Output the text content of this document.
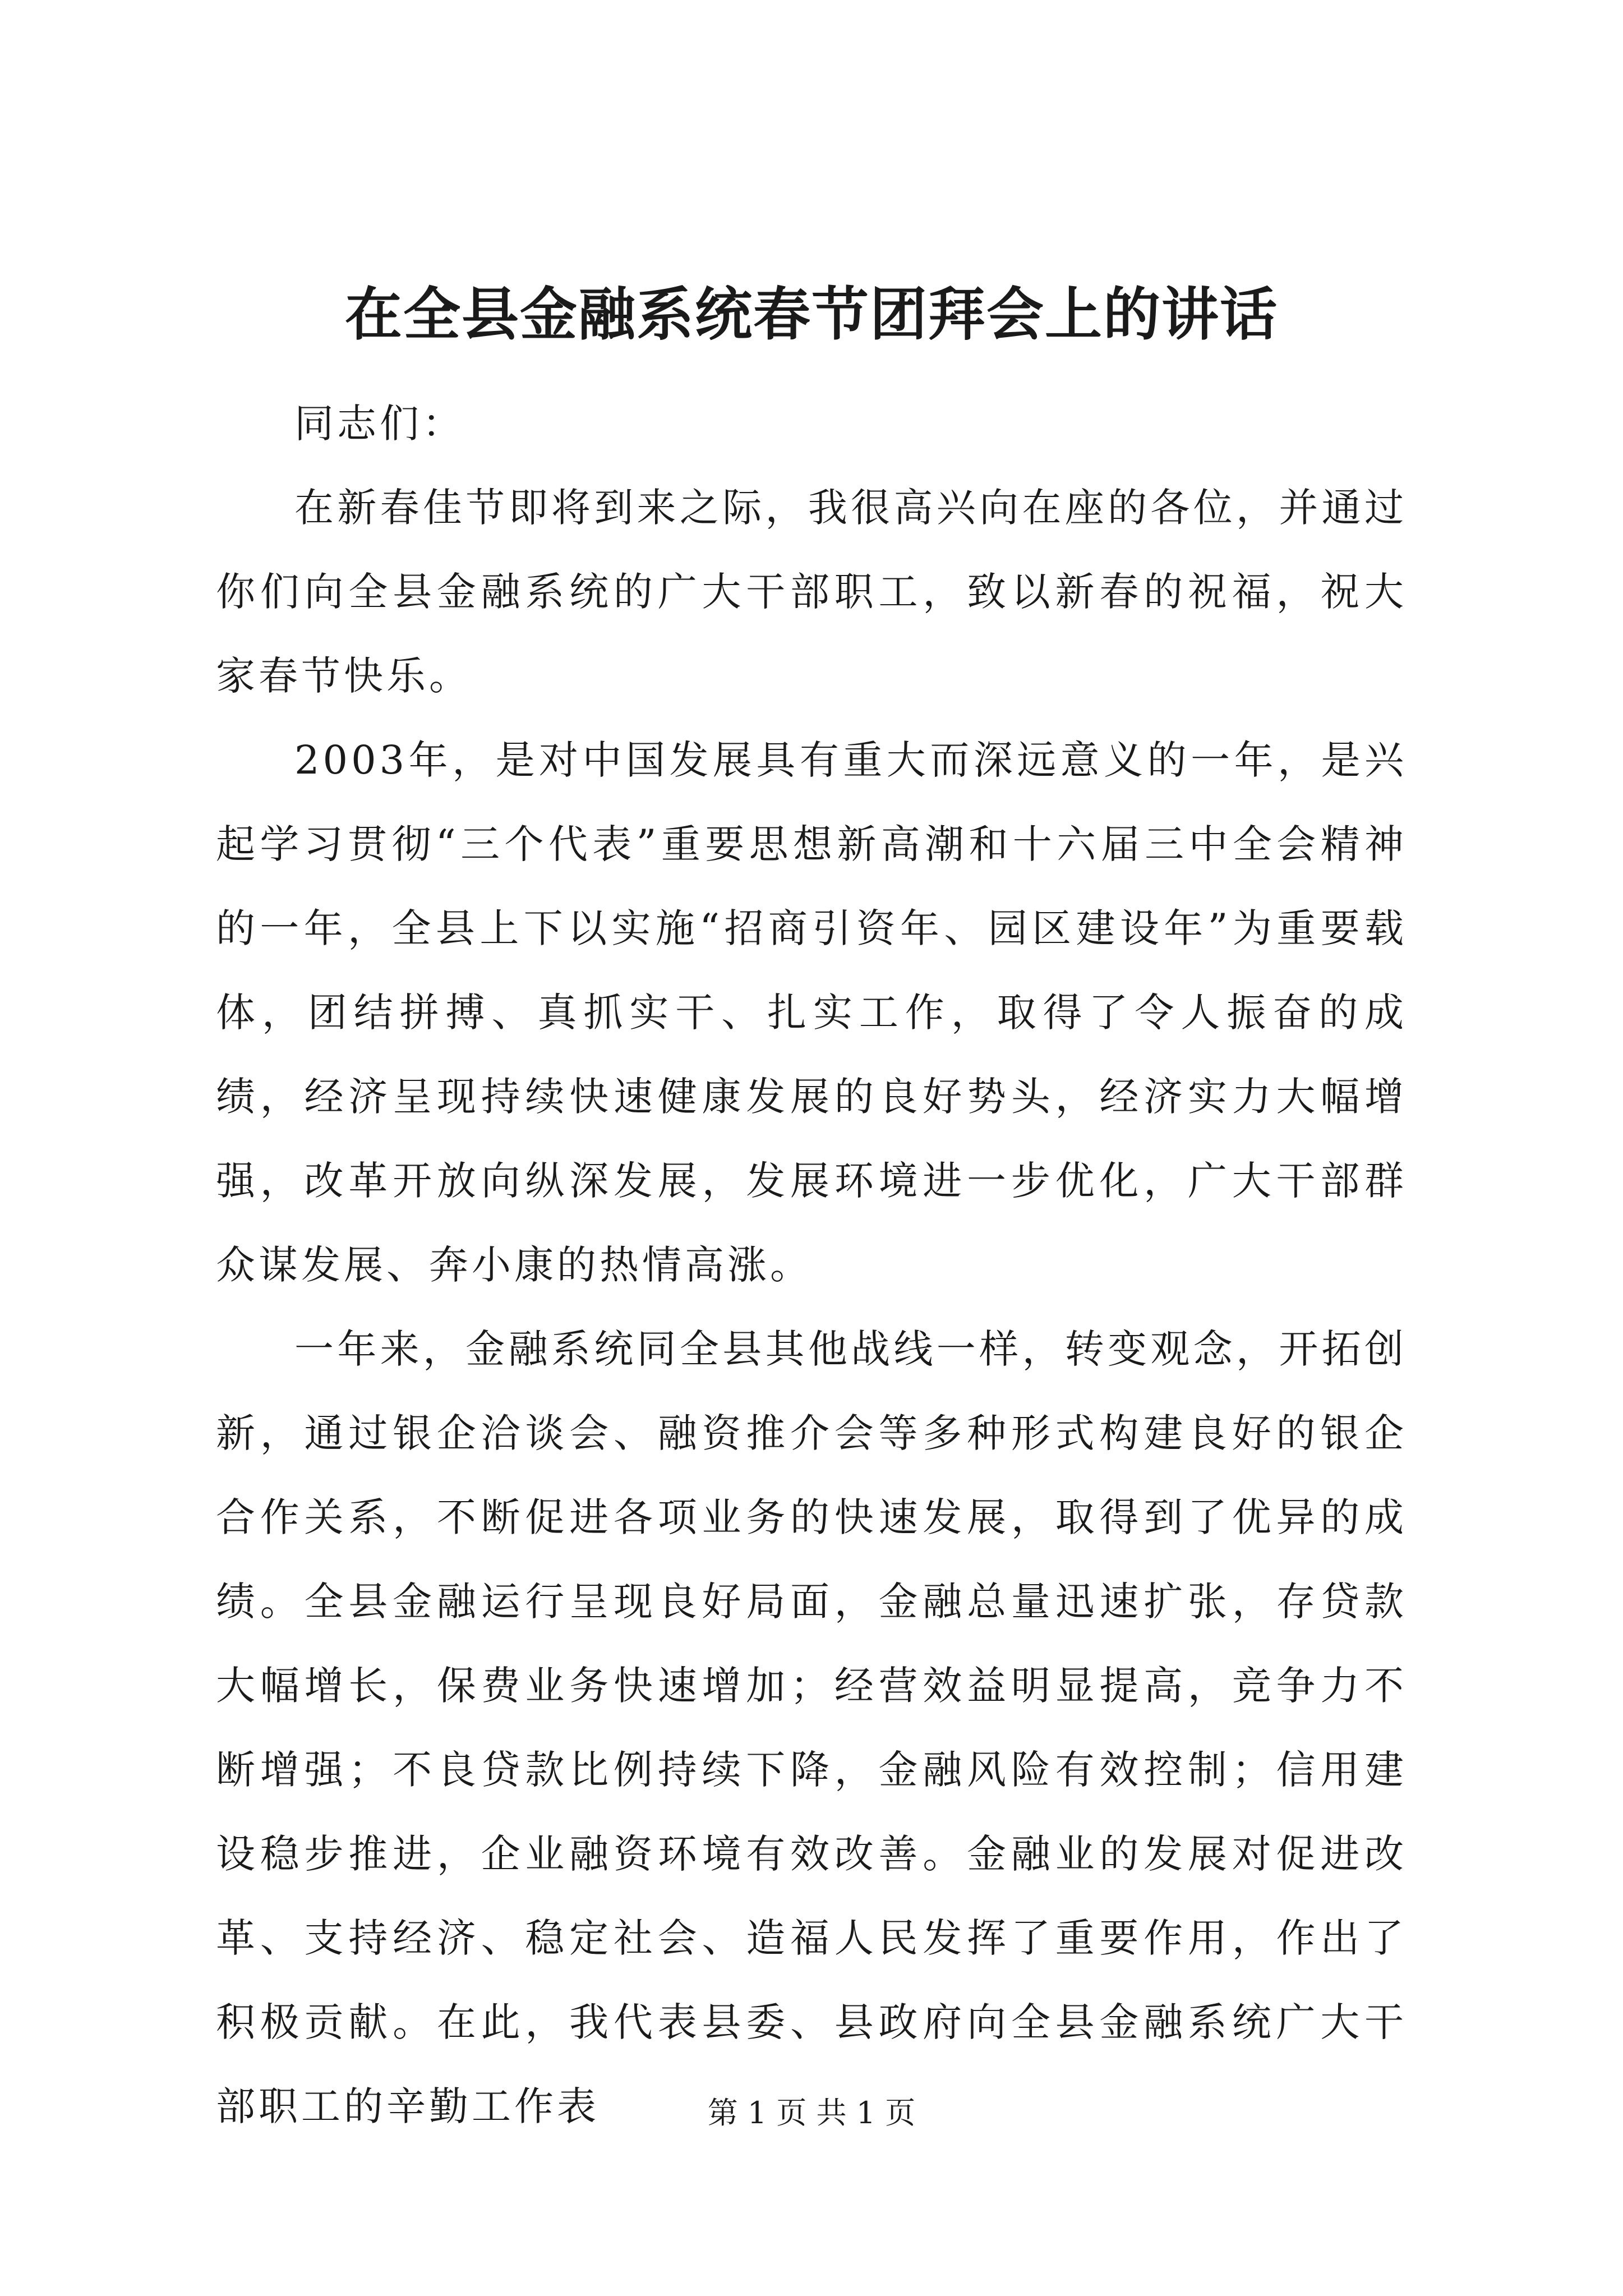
在全县金融系统春节团拜会上的讲话

同志们：

在新春佳节即将到来之际，我很高兴向在座的各位，并通过你们向全县金融系统的广大干部职工，致以新春的祝福，祝大家春节快乐。

2003年，是对中国发展具有重大而深远意义的一年，是兴起学习贯彻“三个代表”重要思想新高潮和十六届三中全会精神的一年，全县上下以实施“招商引资年、园区建设年”为重要载体，团结拼搏、真抓实干、扎实工作，取得了令人振奋的成绩，经济呈现持续快速健康发展的良好势头，经济实力大幅增强，改革开放向纵深发展，发展环境进一步优化，广大干部群众谋发展、奔小康的热情高涨。

一年来，金融系统同全县其他战线一样，转变观念，开拓创新，通过银企洽谈会、融资推介会等多种形式构建良好的银企合作关系，不断促进各项业务的快速发展，取得到了优异的成绩。全县金融运行呈现良好局面，金融总量迅速扩张，存贷款大幅增长，保费业务快速增加；经营效益明显提高，竞争力不断增强；不良贷款比例持续下降，金融风险有效控制；信用建设稳步推进，企业融资环境有效改善。金融业的发展对促进改革、支持经济、稳定社会、造福人民发挥了重要作用，作出了积极贡献。在此，我代表县委、县政府向全县金融系统广大干部职工的辛勤工作表	第 1 页 共 1 页
